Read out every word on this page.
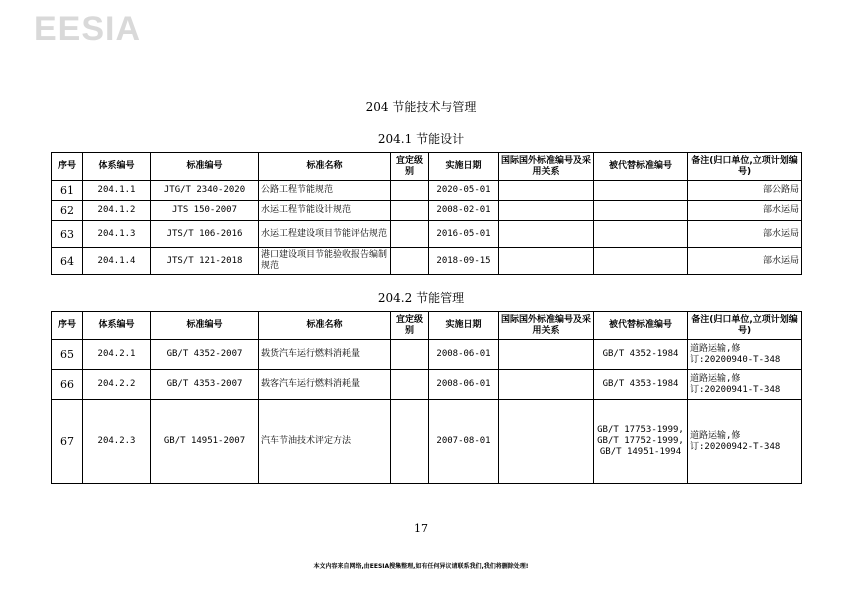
EESIA
204 节能技术与管理
204.1 节能设计
序号	体系编号	标准编号	标准名称	宜定级别	实施日期	国际国外标准编号及采用关系	被代替标准编号	备注(归口单位,立项计划编号)
61	204.1.1	JTG/T 2340-2020	公路工程节能规范		2020-05-01			部公路局
62	204.1.2	JTS 150-2007	水运工程节能设计规范		2008-02-01			部水运局
63	204.1.3	JTS/T 106-2016	水运工程建设项目节能评估规范		2016-05-01			部水运局
64	204.1.4	JTS/T 121-2018	港口建设项目节能验收报告编制规范		2018-09-15			部水运局
204.2 节能管理
序号	体系编号	标准编号	标准名称	宜定级别	实施日期	国际国外标准编号及采用关系	被代替标准编号	备注(归口单位,立项计划编号)
65	204.2.1	GB/T 4352-2007	载货汽车运行燃料消耗量		2008-06-01		GB/T 4352-1984	道路运输,修订:20200940-T-348
66	204.2.2	GB/T 4353-2007	载客汽车运行燃料消耗量		2008-06-01		GB/T 4353-1984	道路运输,修订:20200941-T-348
67	204.2.3	GB/T 14951-2007	汽车节油技术评定方法		2007-08-01		GB/T 17753-1999, GB/T 17752-1999, GB/T 14951-1994	道路运输,修订:20200942-T-348
17
本文内容来自网络,由EESIA搜集整理,如有任何异议请联系我们,我们将删除处理!
